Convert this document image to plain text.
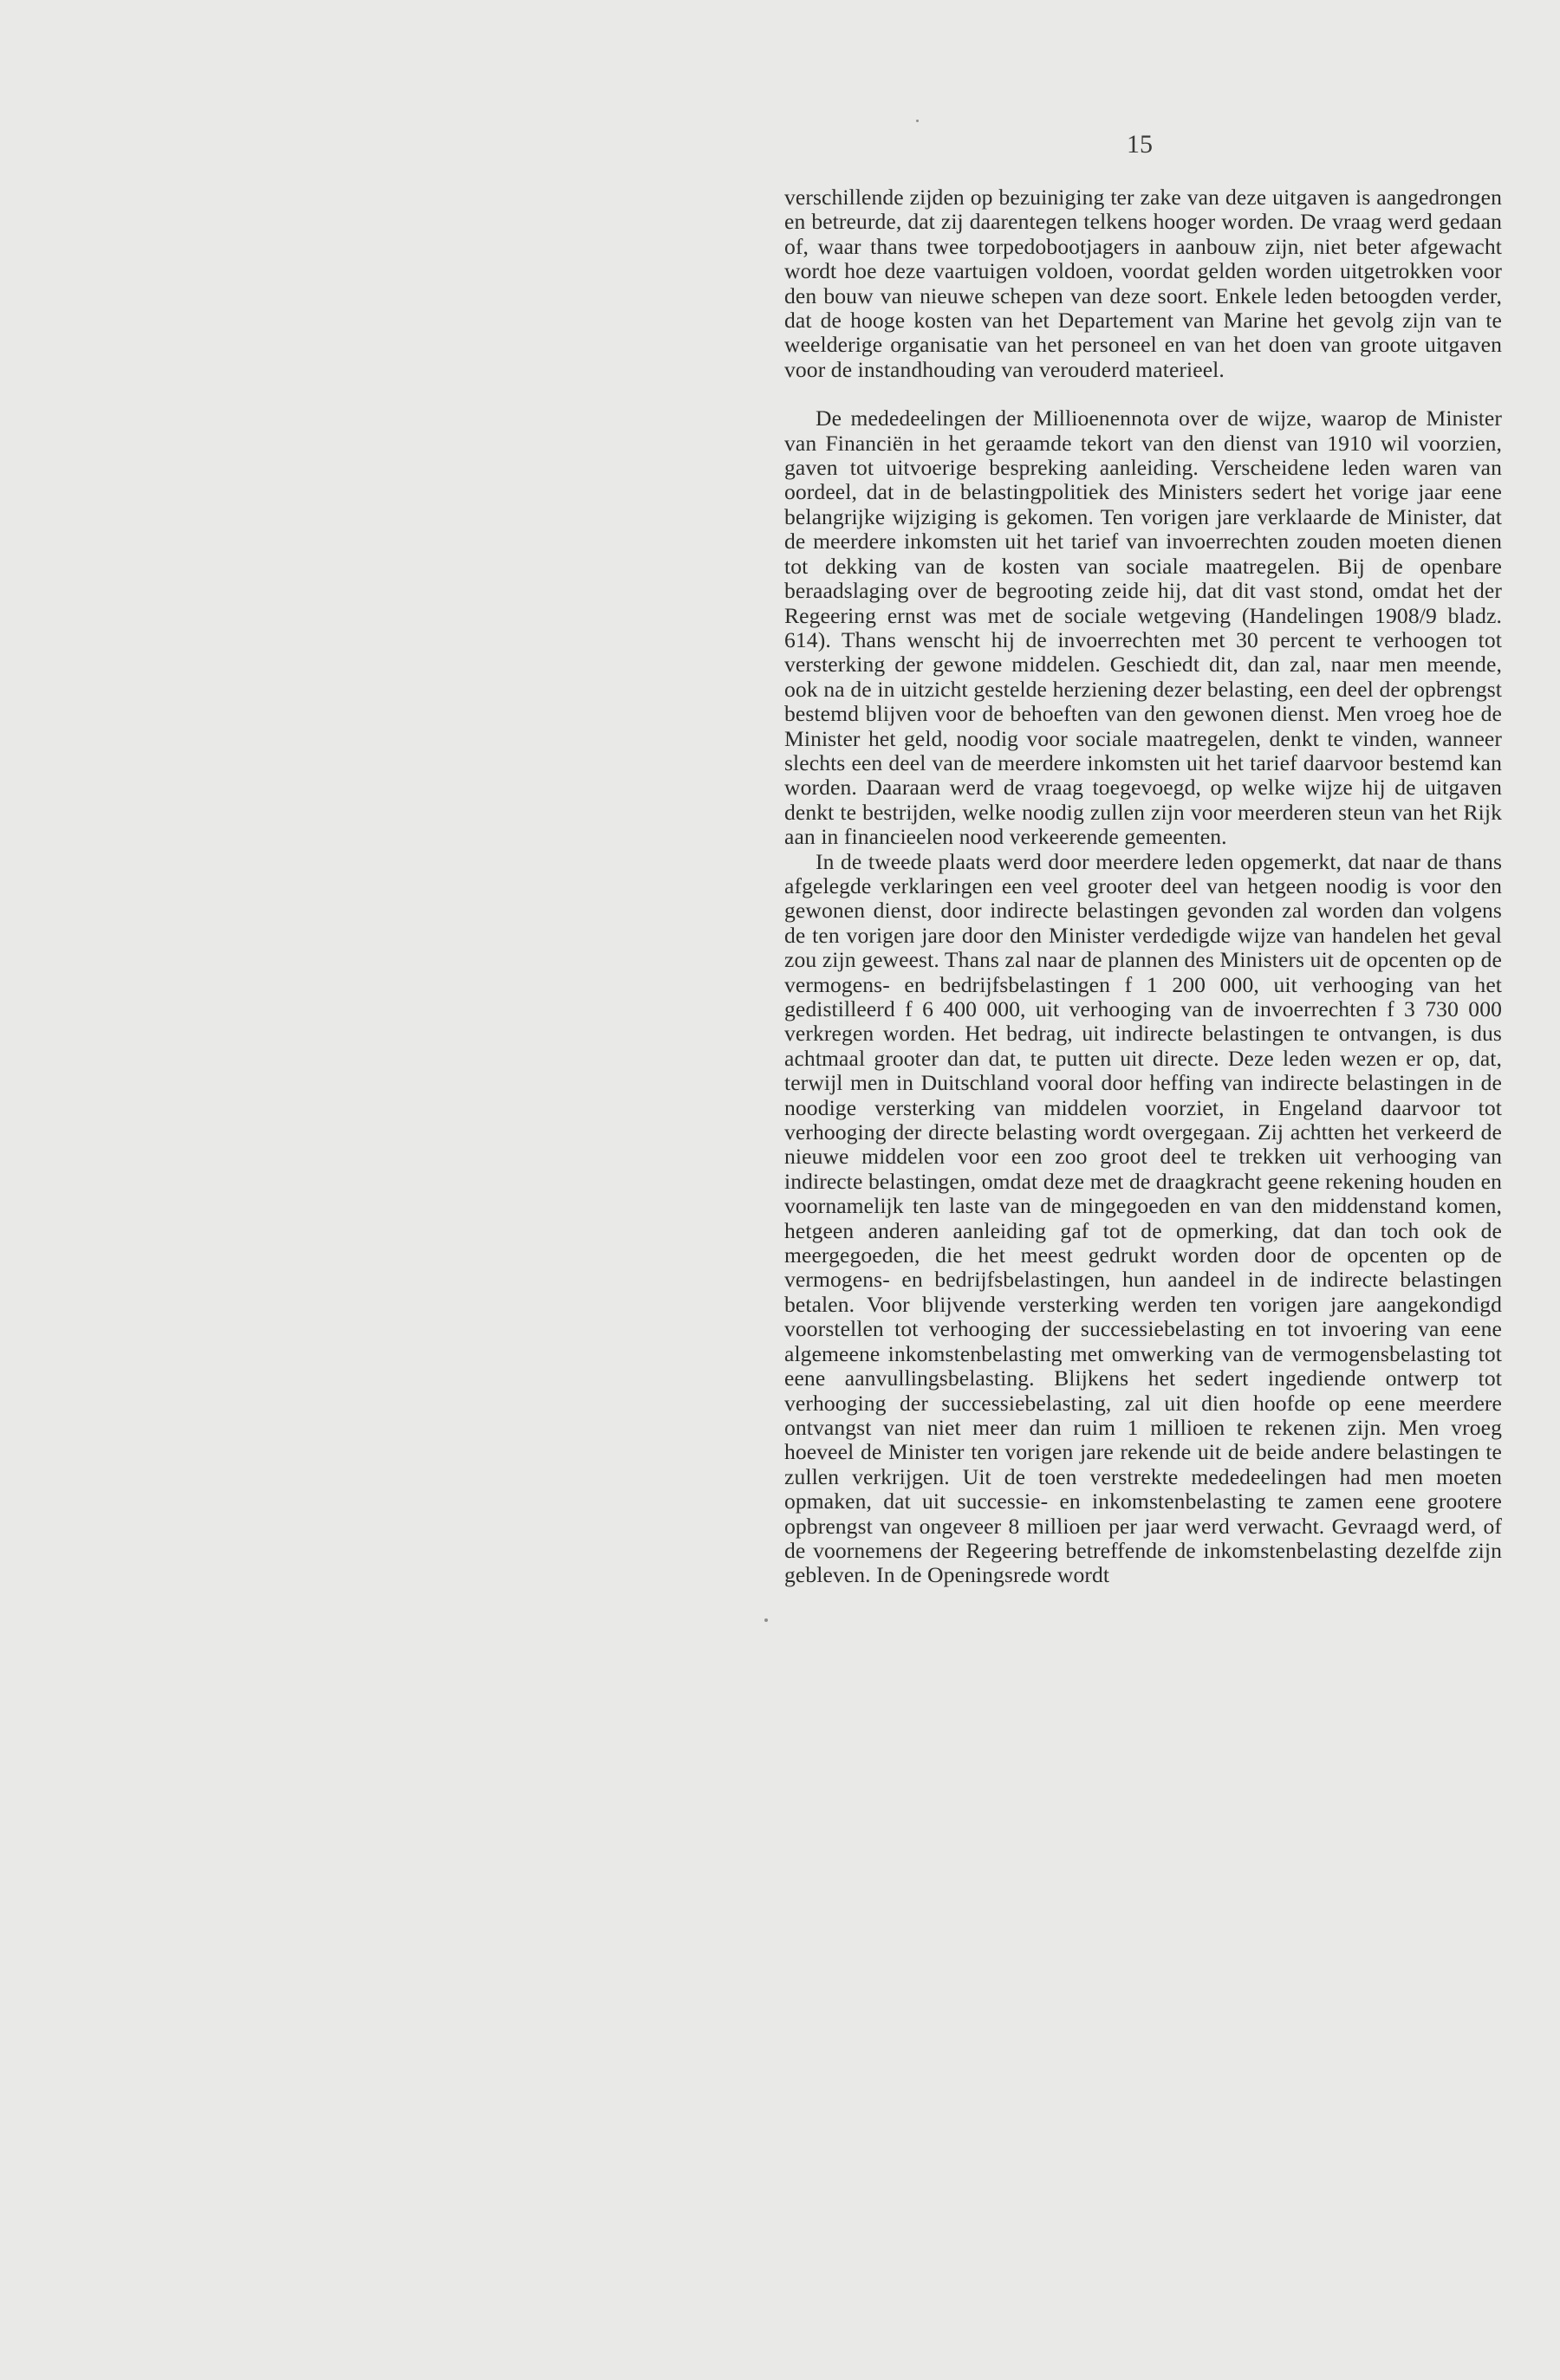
15

verschillende zijden op bezuiniging ter zake van deze uitgaven is aangedrongen en betreurde, dat zij daarentegen telkens hooger worden. De vraag werd gedaan of, waar thans twee torpedobootjagers in aanbouw zijn, niet beter afgewacht wordt hoe deze vaartuigen voldoen, voordat gelden worden uitgetrokken voor den bouw van nieuwe schepen van deze soort. Enkele leden betoogden verder, dat de hooge kosten van het Departement van Marine het gevolg zijn van te weelderige organisatie van het personeel en van het doen van groote uitgaven voor de instandhouding van verouderd materieel.

De mededeelingen der Millioenennota over de wijze, waarop de Minister van Financiën in het geraamde tekort van den dienst van 1910 wil voorzien, gaven tot uitvoerige bespreking aanleiding. Verscheidene leden waren van oordeel, dat in de belastingpolitiek des Ministers sedert het vorige jaar eene belangrijke wijziging is gekomen. Ten vorigen jare verklaarde de Minister, dat de meerdere inkomsten uit het tarief van invoerrechten zouden moeten dienen tot dekking van de kosten van sociale maatregelen. Bij de openbare beraadslaging over de begrooting zeide hij, dat dit vast stond, omdat het der Regeering ernst was met de sociale wetgeving (Handelingen 1908/9 bladz. 614). Thans wenscht hij de invoerrechten met 30 percent te verhoogen tot versterking der gewone middelen. Geschiedt dit, dan zal, naar men meende, ook na de in uitzicht gestelde herziening dezer belasting, een deel der opbrengst bestemd blijven voor de behoeften van den gewonen dienst. Men vroeg hoe de Minister het geld, noodig voor sociale maatregelen, denkt te vinden, wanneer slechts een deel van de meerdere inkomsten uit het tarief daarvoor bestemd kan worden. Daaraan werd de vraag toegevoegd, op welke wijze hij de uitgaven denkt te bestrijden, welke noodig zullen zijn voor meerderen steun van het Rijk aan in financieelen nood verkeerende gemeenten.

In de tweede plaats werd door meerdere leden opgemerkt, dat naar de thans afgelegde verklaringen een veel grooter deel van hetgeen noodig is voor den gewonen dienst, door indirecte belastingen gevonden zal worden dan volgens de ten vorigen jare door den Minister verdedigde wijze van handelen het geval zou zijn geweest. Thans zal naar de plannen des Ministers uit de opcenten op de vermogens- en bedrijfsbelastingen f 1 200 000, uit verhooging van het gedistilleerd f 6 400 000, uit verhooging van de invoerrechten f 3 730 000 verkregen worden. Het bedrag, uit indirecte belastingen te ontvangen, is dus achtmaal grooter dan dat, te putten uit directe. Deze leden wezen er op, dat, terwijl men in Duitschland vooral door heffing van indirecte belastingen in de noodige versterking van middelen voorziet, in Engeland daarvoor tot verhooging der directe belasting wordt overgegaan. Zij achtten het verkeerd de nieuwe middelen voor een zoo groot deel te trekken uit verhooging van indirecte belastingen, omdat deze met de draagkracht geene rekening houden en voornamelijk ten laste van de mingegoeden en van den middenstand komen, hetgeen anderen aanleiding gaf tot de opmerking, dat dan toch ook de meergegoeden, die het meest gedrukt worden door de opcenten op de vermogens- en bedrijfsbelastingen, hun aandeel in de indirecte belastingen betalen. Voor blijvende versterking werden ten vorigen jare aangekondigd voorstellen tot verhooging der successiebelasting en tot invoering van eene algemeene inkomstenbelasting met omwerking van de vermogensbelasting tot eene aanvullingsbelasting. Blijkens het sedert ingediende ontwerp tot verhooging der successiebelasting, zal uit dien hoofde op eene meerdere ontvangst van niet meer dan ruim 1 millioen te rekenen zijn. Men vroeg hoeveel de Minister ten vorigen jare rekende uit de beide andere belastingen te zullen verkrijgen. Uit de toen verstrekte mededeelingen had men moeten opmaken, dat uit successie- en inkomstenbelasting te zamen eene grootere opbrengst van ongeveer 8 millioen per jaar werd verwacht. Gevraagd werd, of de voornemens der Regeering betreffende de inkomstenbelasting dezelfde zijn gebleven. In de Openingsrede wordt
